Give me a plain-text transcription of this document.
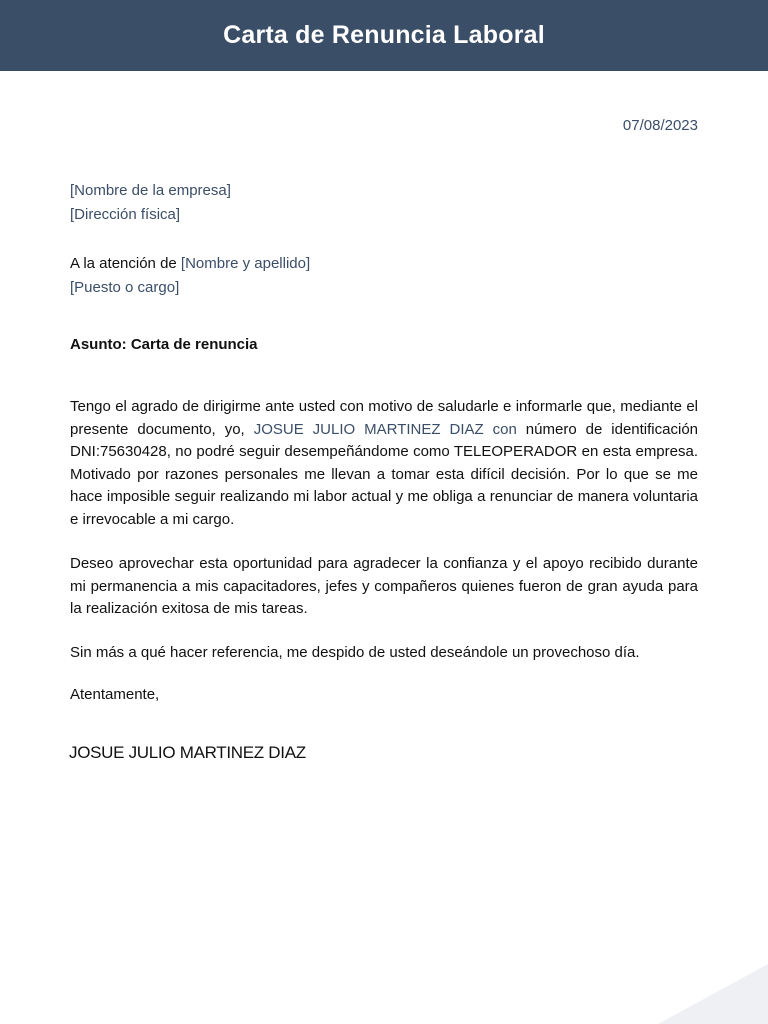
Carta de Renuncia Laboral
07/08/2023
[Nombre de la empresa]
[Dirección física]
A la atención de [Nombre y apellido]
[Puesto o cargo]
Asunto: Carta de renuncia
Tengo el agrado de dirigirme ante usted con motivo de saludarle e informarle que, mediante el presente documento, yo, JOSUE JULIO MARTINEZ DIAZ con número de identificación DNI:75630428, no podré seguir desempeñándome como TELEOPERADOR en esta empresa. Motivado por razones personales me llevan a tomar esta difícil decisión. Por lo que se me hace imposible seguir realizando mi labor actual y me obliga a renunciar de manera voluntaria e irrevocable a mi cargo.
Deseo aprovechar esta oportunidad para agradecer la confianza y el apoyo recibido durante mi permanencia a mis capacitadores, jefes y compañeros quienes fueron de gran ayuda para la realización exitosa de mis tareas.
Sin más a qué hacer referencia, me despido de usted deseándole un provechoso día.
Atentamente,
JOSUE JULIO MARTINEZ DIAZ
